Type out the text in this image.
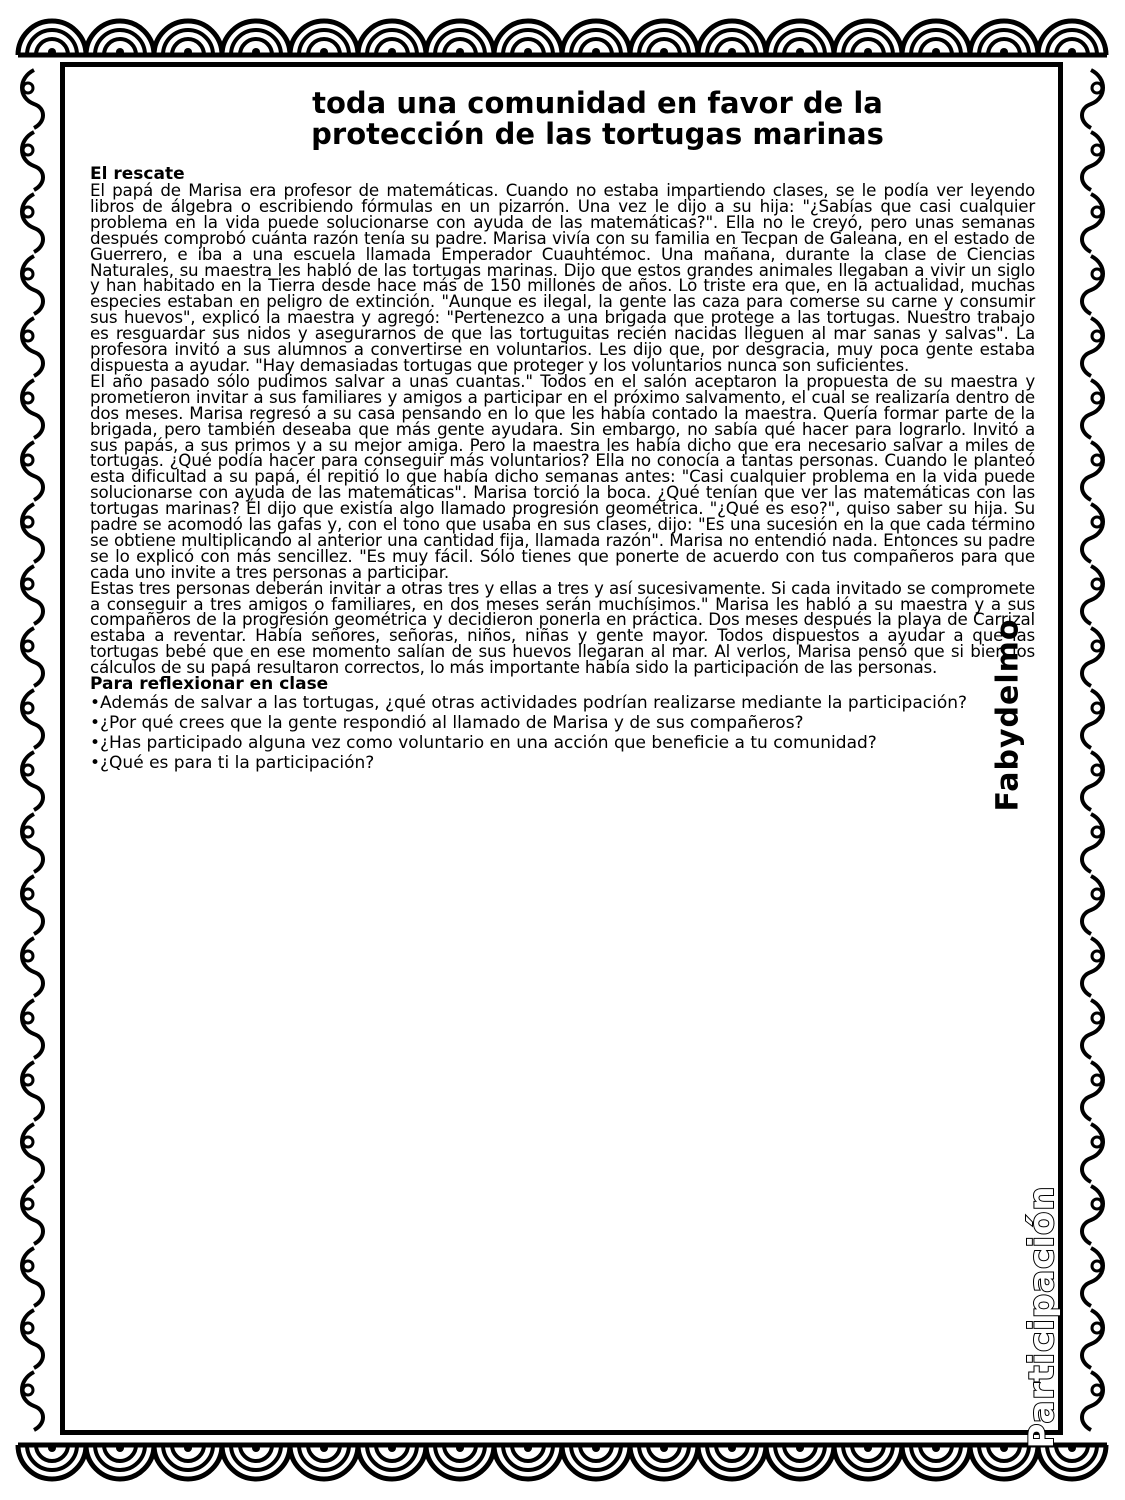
toda una comunidad en favor de la
protección de las tortugas marinas

El rescate

El papá de Marisa era profesor de matemáticas. Cuando no estaba impartiendo clases, se le podía ver leyendo libros de álgebra o escribiendo fórmulas en un pizarrón. Una vez le dijo a su hija: "¿Sabías que casi cualquier problema en la vida puede solucionarse con ayuda de las matemáticas?". Ella no le creyó, pero unas semanas después comprobó cuánta razón tenía su padre. Marisa vivía con su familia en Tecpan de Galeana, en el estado de Guerrero, e iba a una escuela llamada Emperador Cuauhtémoc. Una mañana, durante la clase de Ciencias Naturales, su maestra les habló de las tortugas marinas. Dijo que estos grandes animales llegaban a vivir un siglo y han habitado en la Tierra desde hace más de 150 millones de años. Lo triste era que, en la actualidad, muchas especies estaban en peligro de extinción. "Aunque es ilegal, la gente las caza para comerse su carne y consumir sus huevos", explicó la maestra y agregó: "Pertenezco a una brigada que protege a las tortugas. Nuestro trabajo es resguardar sus nidos y asegurarnos de que las tortuguitas recién nacidas lleguen al mar sanas y salvas". La profesora invitó a sus alumnos a convertirse en voluntarios. Les dijo que, por desgracia, muy poca gente estaba dispuesta a ayudar. "Hay demasiadas tortugas que proteger y los voluntarios nunca son suficientes.

El año pasado sólo pudimos salvar a unas cuantas." Todos en el salón aceptaron la propuesta de su maestra y prometieron invitar a sus familiares y amigos a participar en el próximo salvamento, el cual se realizaría dentro de dos meses. Marisa regresó a su casa pensando en lo que les había contado la maestra. Quería formar parte de la brigada, pero también deseaba que más gente ayudara. Sin embargo, no sabía qué hacer para lograrlo. Invitó a sus papás, a sus primos y a su mejor amiga. Pero la maestra les había dicho que era necesario salvar a miles de tortugas. ¿Qué podía hacer para conseguir más voluntarios? Ella no conocía a tantas personas. Cuando le planteó esta dificultad a su papá, él repitió lo que había dicho semanas antes: "Casi cualquier problema en la vida puede solucionarse con ayuda de las matemáticas". Marisa torció la boca. ¿Qué tenían que ver las matemáticas con las tortugas marinas? Él dijo que existía algo llamado progresión geométrica. "¿Qué es eso?", quiso saber su hija. Su padre se acomodó las gafas y, con el tono que usaba en sus clases, dijo: "Es una sucesión en la que cada término se obtiene multiplicando al anterior una cantidad fija, llamada razón". Marisa no entendió nada. Entonces su padre se lo explicó con más sencillez. "Es muy fácil. Sólo tienes que ponerte de acuerdo con tus compañeros para que cada uno invite a tres personas a participar.

Estas tres personas deberán invitar a otras tres y ellas a tres y así sucesivamente. Si cada invitado se compromete a conseguir a tres amigos o familiares, en dos meses serán muchísimos." Marisa les habló a su maestra y a sus compañeros de la progresión geométrica y decidieron ponerla en práctica. Dos meses después la playa de Carrizal estaba a reventar. Había señores, señoras, niños, niñas y gente mayor. Todos dispuestos a ayudar a que las tortugas bebé que en ese momento salían de sus huevos llegaran al mar. Al verlos, Marisa pensó que si bien los cálculos de su papá resultaron correctos, lo más importante había sido la participación de las personas.

Para reflexionar en clase

•Además de salvar a las tortugas, ¿qué otras actividades podrían realizarse mediante la participación?

•¿Por qué crees que la gente respondió al llamado de Marisa y de sus compañeros?

•¿Has participado alguna vez como voluntario en una acción que beneficie a tu comunidad?

•¿Qué es para ti la participación?	Fabydelmo
Participación
